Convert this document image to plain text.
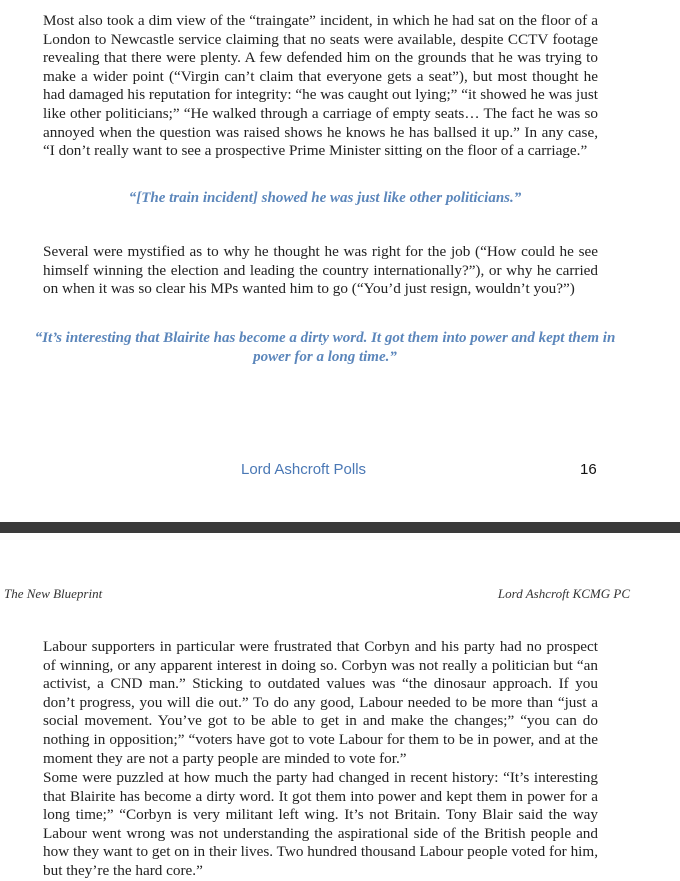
Most also took a dim view of the “traingate” incident, in which he had sat on the floor of a London to Newcastle service claiming that no seats were available, despite CCTV footage revealing that there were plenty. A few defended him on the grounds that he was trying to make a wider point (“Virgin can’t claim that everyone gets a seat”), but most thought he had damaged his reputation for integrity: “he was caught out lying;” “it showed he was just like other politicians;” “He walked through a carriage of empty seats… The fact he was so annoyed when the question was raised shows he knows he has ballsed it up.” In any case, “I don’t really want to see a prospective Prime Minister sitting on the floor of a carriage.”

“[The train incident] showed he was just like other politicians.”

Several were mystified as to why he thought he was right for the job (“How could he see himself winning the election and leading the country internationally?”), or why he carried on when it was so clear his MPs wanted him to go (“You’d just resign, wouldn’t you?”)

“It’s interesting that Blairite has become a dirty word. It got them into power and kept them in power for a long time.”

Lord Ashcroft Polls	16
The New Blueprint	Lord Ashcroft KCMG PC

Labour supporters in particular were frustrated that Corbyn and his party had no prospect of winning, or any apparent interest in doing so. Corbyn was not really a politician but “an activist, a CND man.” Sticking to outdated values was “the dinosaur approach. If you don’t progress, you will die out.” To do any good, Labour needed to be more than “just a social movement. You’ve got to be able to get in and make the changes;” “you can do nothing in opposition;” “voters have got to vote Labour for them to be in power, and at the moment they are not a party people are minded to vote for.”

Some were puzzled at how much the party had changed in recent history: “It’s interesting that Blairite has become a dirty word. It got them into power and kept them in power for a long time;” “Corbyn is very militant left wing. It’s not Britain. Tony Blair said the way Labour went wrong was not understanding the aspirational side of the British people and how they want to get on in their lives. Two hundred thousand Labour people voted for him, but they’re the hard core.”
